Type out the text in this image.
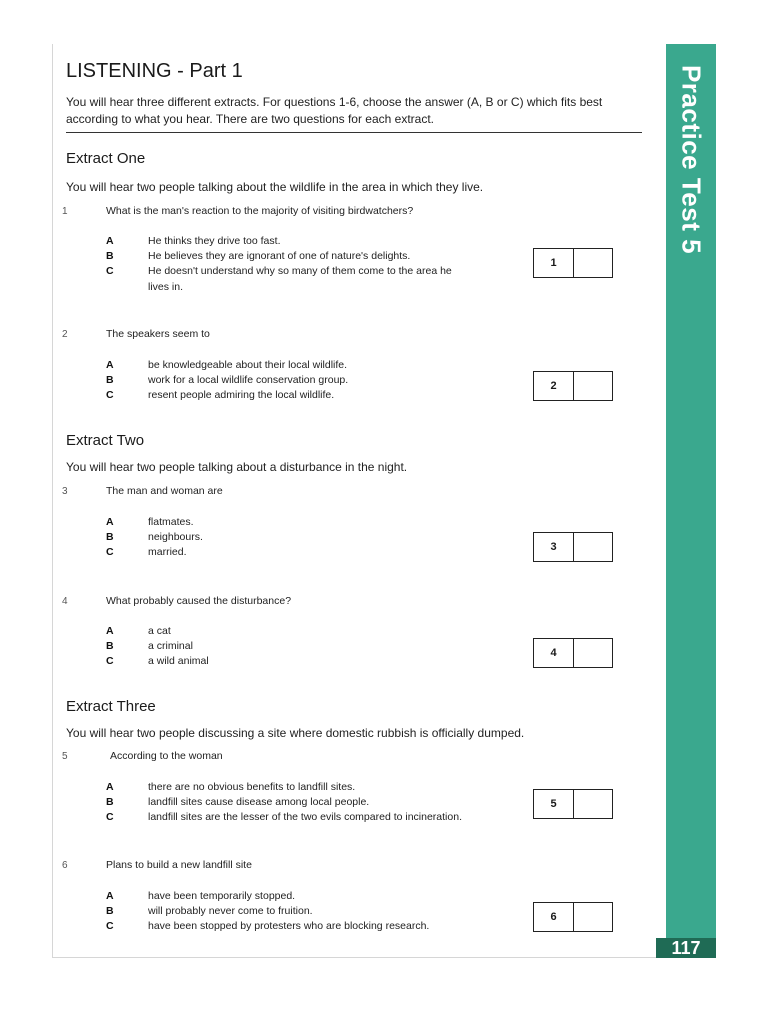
Practice Test 5
117
LISTENING - Part 1
You will hear three different extracts. For questions 1-6, choose the answer (A, B or C) which fits best according to what you hear. There are two questions for each extract.
Extract One
You will hear two people talking about the wildlife in the area in which they live.
1	What is the man's reaction to the majority of visiting birdwatchers?
A	He thinks they drive too fast.
B	He believes they are ignorant of one of nature's delights.
C	He doesn't understand why so many of them come to the area he
lives in.
1
2	The speakers seem to
A	be knowledgeable about their local wildlife.
B	work for a local wildlife conservation group.
C	resent people admiring the local wildlife.
2
Extract Two
You will hear two people talking about a disturbance in the night.
3	The man and woman are
A	flatmates.
B	neighbours.
C	married.	3
4	What probably caused the disturbance?
A	a cat
B	a criminal
C	a wild animal
4
Extract Three
You will hear two people discussing a site where domestic rubbish is officially dumped.
5	According to the woman
A	there are no obvious benefits to landfill sites.
B	landfill sites cause disease among local people.
C	landfill sites are the lesser of the two evils compared to incineration.
5
6	Plans to build a new landfill site
A	have been temporarily stopped.
B	will probably never come to fruition.
C	have been stopped by protesters who are blocking research.
6
